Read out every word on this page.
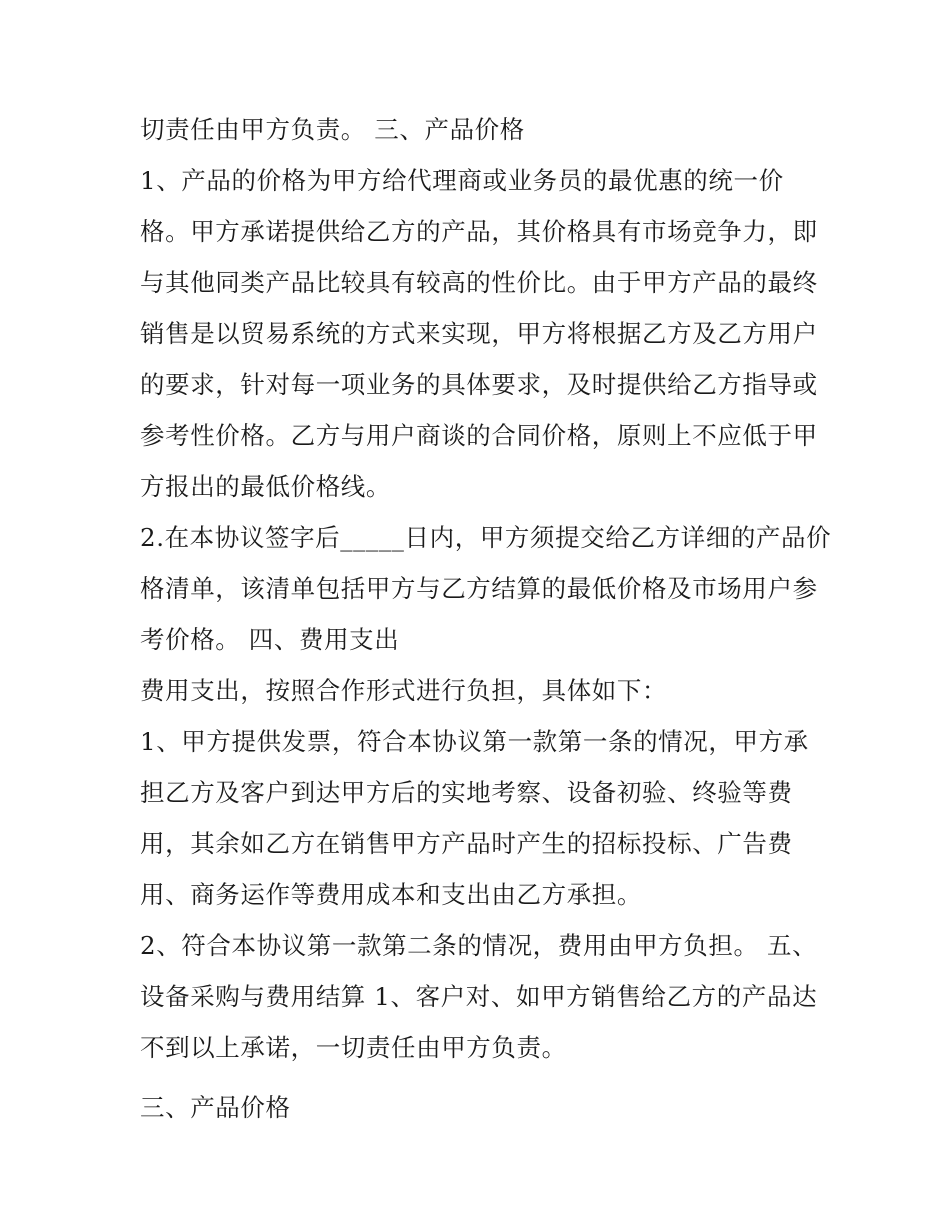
切责任由甲方负责。 三、产品价格
1、产品的价格为甲方给代理商或业务员的最优惠的统一价
格。甲方承诺提供给乙方的产品，其价格具有市场竞争力，即
与其他同类产品比较具有较高的性价比。由于甲方产品的最终
销售是以贸易系统的方式来实现，甲方将根据乙方及乙方用户
的要求，针对每一项业务的具体要求，及时提供给乙方指导或
参考性价格。乙方与用户商谈的合同价格，原则上不应低于甲
方报出的最低价格线。
2.在本协议签字后_____日内，甲方须提交给乙方详细的产品价
格清单，该清单包括甲方与乙方结算的最低价格及市场用户参
考价格。 四、费用支出
费用支出，按照合作形式进行负担，具体如下：
1、甲方提供发票，符合本协议第一款第一条的情况，甲方承
担乙方及客户到达甲方后的实地考察、设备初验、终验等费
用，其余如乙方在销售甲方产品时产生的招标投标、广告费
用、商务运作等费用成本和支出由乙方承担。
2、符合本协议第一款第二条的情况，费用由甲方负担。 五、
设备采购与费用结算 1、客户对、如甲方销售给乙方的产品达
不到以上承诺，一切责任由甲方负责。
三、产品价格
